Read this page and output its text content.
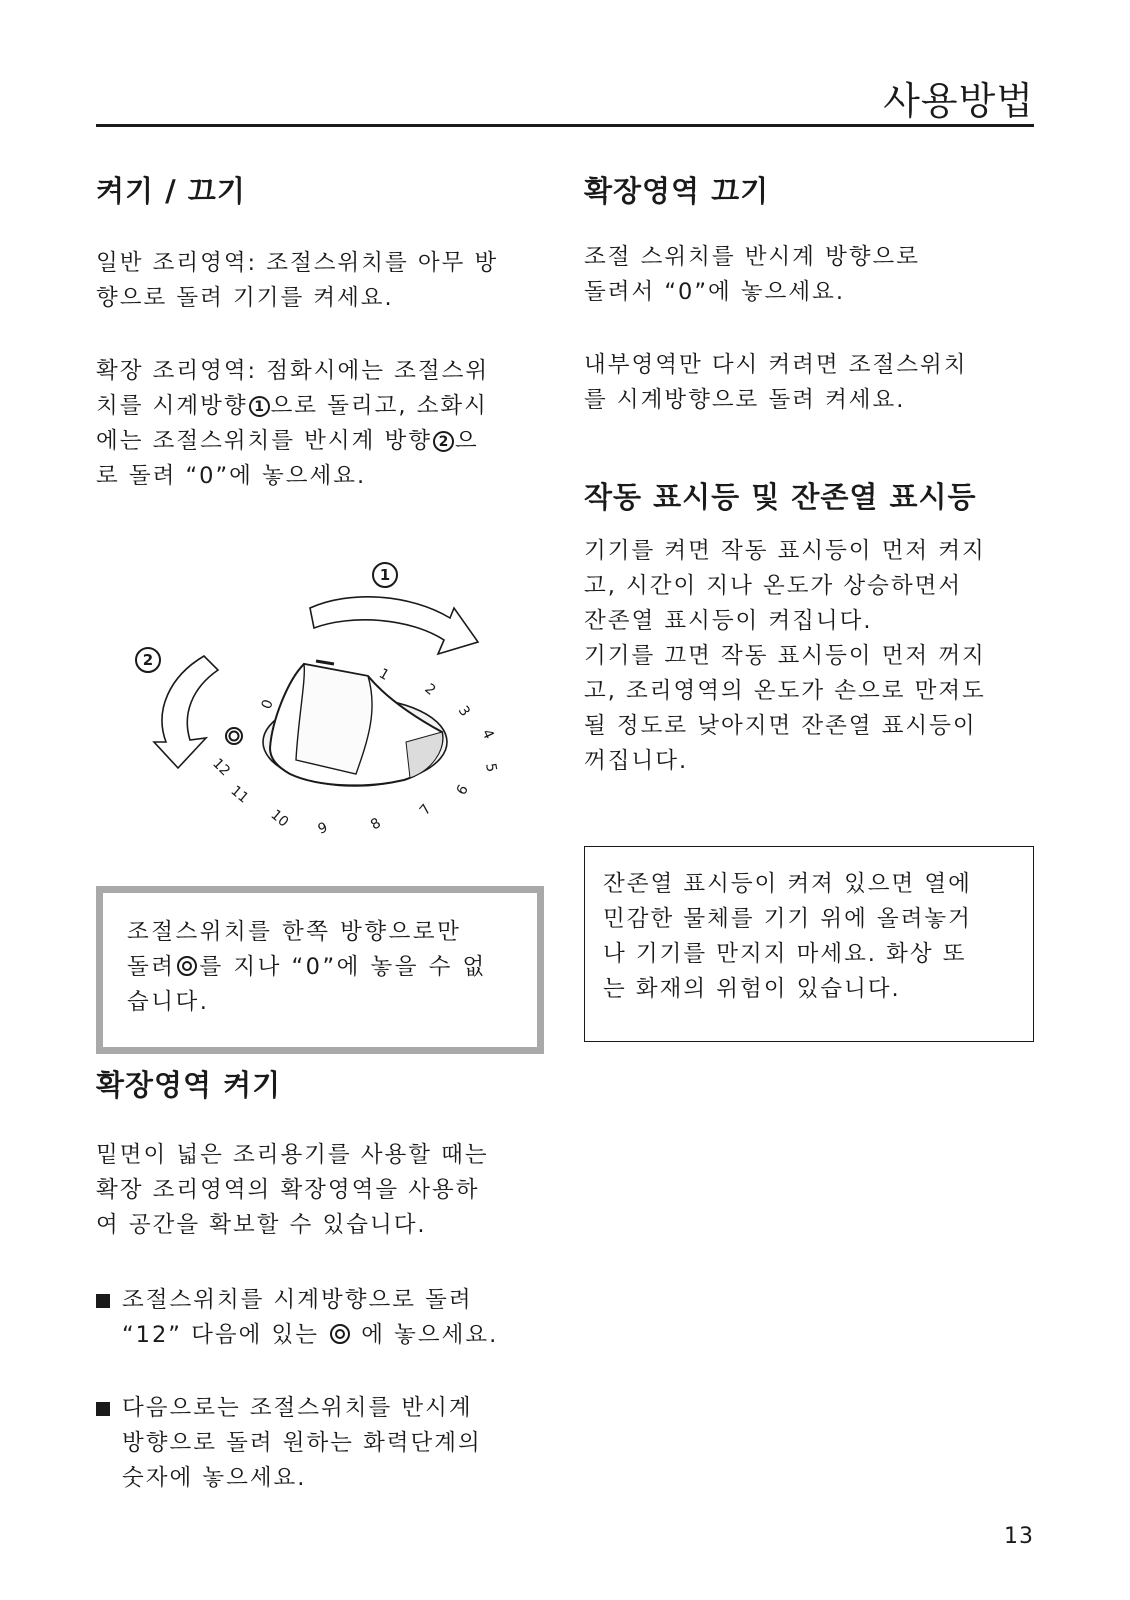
사용방법
켜기 / 끄기

일반 조리영역: 조절스위치를 아무 방
향으로 돌려 기기를 켜세요.

확장 조리영역: 점화시에는 조절스위
치를 시계방향 1 으로 돌리고, 소화시
에는 조절스위치를 반시계 방향 2 으
로 돌려 “0”에 놓으세요.

1
2
0
1
2
3
4
5
6
7
8
9
10
11
12

조절스위치를 한쪽 방향으로만
돌려 를 지나 “0”에 놓을 수 없
습니다.

확장영역 켜기

밑면이 넓은 조리용기를 사용할 때는
확장 조리영역의 확장영역을 사용하
여 공간을 확보할 수 있습니다.

조절스위치를 시계방향으로 돌려
“12” 다음에 있는 에 놓으세요.

다음으로는 조절스위치를 반시계
방향으로 돌려 원하는 화력단계의
숫자에 놓으세요.

확장영역 끄기

조절 스위치를 반시계 방향으로
돌려서 “0”에 놓으세요.

내부영역만 다시 켜려면 조절스위치
를 시계방향으로 돌려 켜세요.

작동 표시등 및 잔존열 표시등

기기를 켜면 작동 표시등이 먼저 켜지
고, 시간이 지나 온도가 상승하면서
잔존열 표시등이 켜집니다.
기기를 끄면 작동 표시등이 먼저 꺼지
고, 조리영역의 온도가 손으로 만져도
될 정도로 낮아지면 잔존열 표시등이
꺼집니다.

잔존열 표시등이 켜져 있으면 열에
민감한 물체를 기기 위에 올려놓거
나 기기를 만지지 마세요. 화상 또
는 화재의 위험이 있습니다.

13
